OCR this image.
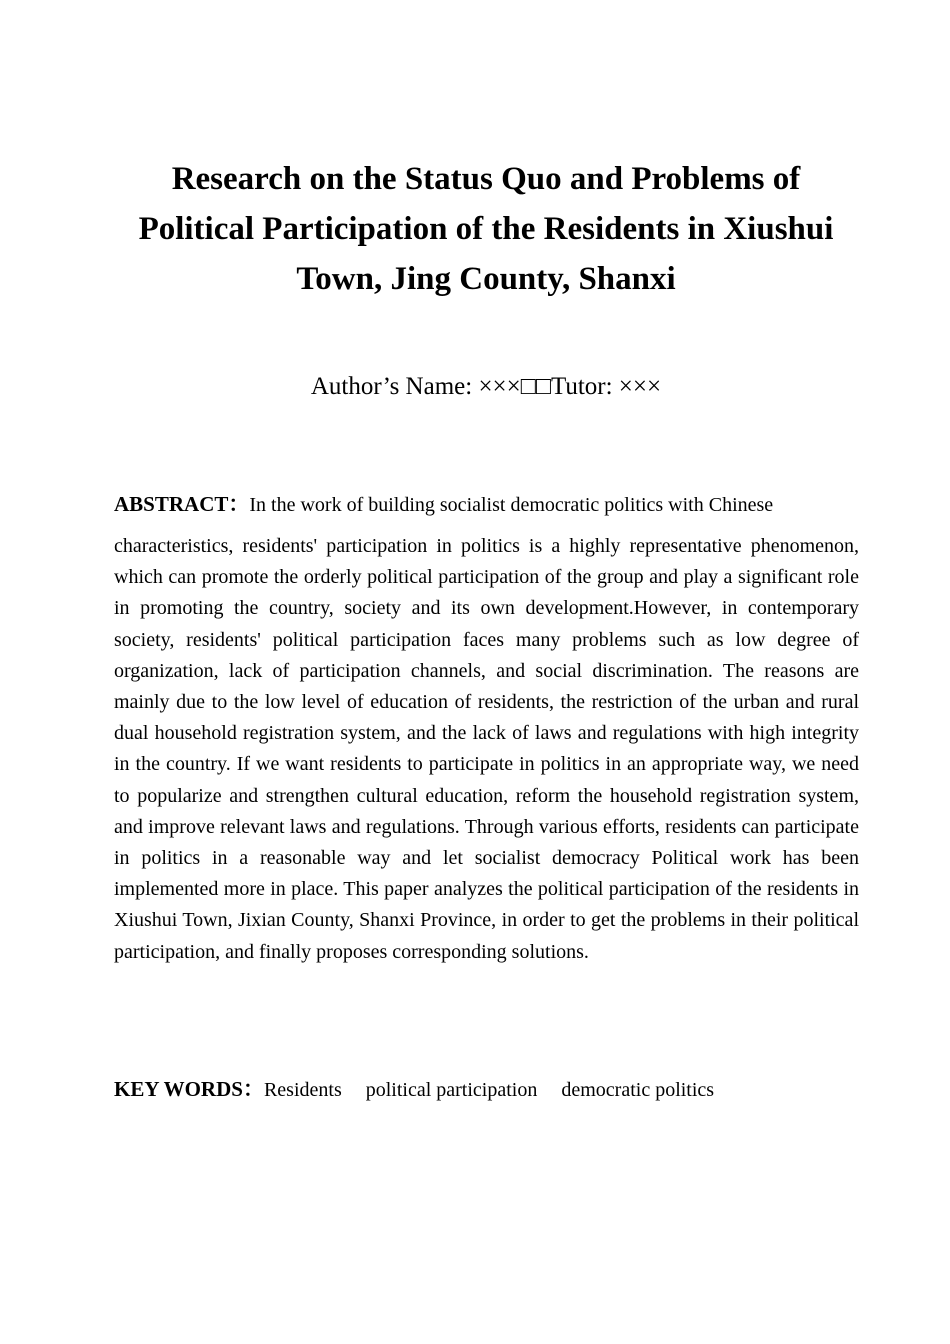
Research on the Status Quo and Problems of
Political Participation of the Residents in Xiushui
Town, Jing County, Shanxi
Author’s Name: ×××□□Tutor: ×××
ABSTRACT：In the work of building socialist democratic politics with Chinese

characteristics, residents' participation in politics is a highly representative phenomenon, which can promote the orderly political participation of the group and play a significant role in promoting the country, society and its own development.However, in contemporary society, residents' political participation faces many problems such as low degree of organization, lack of participation channels, and social discrimination. The reasons are mainly due to the low level of education of residents, the restriction of the urban and rural dual household registration system, and the lack of laws and regulations with high integrity in the country. If we want residents to participate in politics in an appropriate way, we need to popularize and strengthen cultural education, reform the household registration system, and improve relevant laws and regulations. Through various efforts, residents can participate in politics in a reasonable way and let socialist democracy Political work has been implemented more in place. This paper analyzes the political participation of the residents in Xiushui Town, Jixian County, Shanxi Province, in order to get the problems in their political participation, and finally proposes corresponding solutions.

KEY WORDS：Residents political participation democratic politics
